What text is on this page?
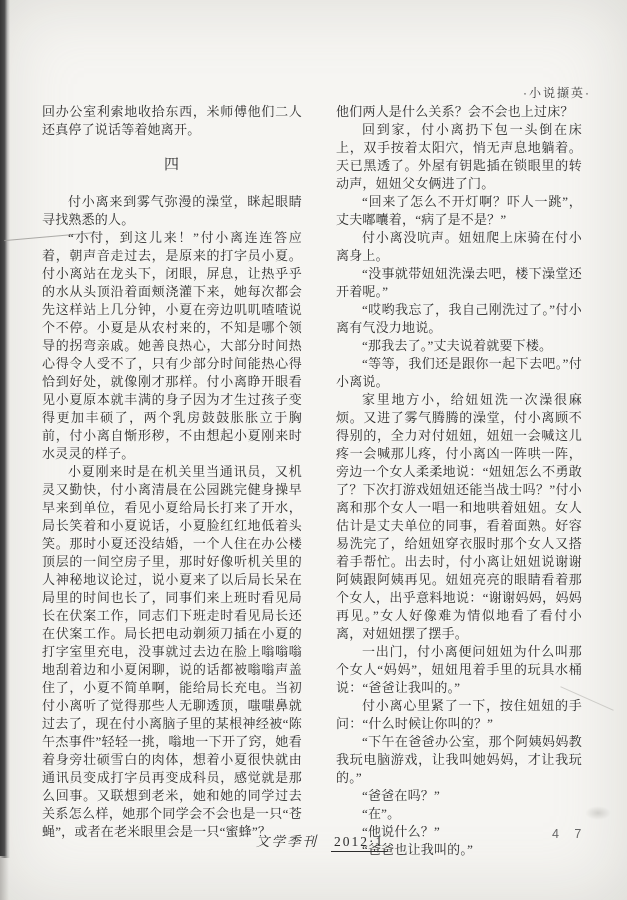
·小说撷英·

回办公室利索地收拾东西，米师傅他们二人还真停了说话等着她离开。

四

付小离来到雾气弥漫的澡堂，眯起眼睛寻找熟悉的人。

“小付，到这儿来！”付小离连连答应着，朝声音走过去，是原来的打字员小夏。付小离站在龙头下，闭眼，屏息，让热乎乎的水从头顶沿着面颊浇灌下来，她每次都会先这样站上几分钟，小夏在旁边叽叽喳喳说个不停。小夏是从农村来的，不知是哪个领导的拐弯亲戚。她善良热心，大部分时间热心得令人受不了，只有少部分时间能热心得恰到好处，就像刚才那样。付小离睁开眼看见小夏原本就丰满的身子因为才生过孩子变得更加丰硕了，两个乳房鼓鼓胀胀立于胸前，付小离自惭形秽，不由想起小夏刚来时水灵灵的样子。

小夏刚来时是在机关里当通讯员，又机灵又勤快，付小离清晨在公园跳完健身操早早来到单位，看见小夏给局长打来了开水，局长笑着和小夏说话，小夏脸红红地低着头笑。那时小夏还没结婚，一个人住在办公楼顶层的一间空房子里，那时好像听机关里的人神秘地议论过，说小夏来了以后局长呆在局里的时间也长了，同事们来上班时看见局长在伏案工作，同志们下班走时看见局长还在伏案工作。局长把电动剃须刀插在小夏的打字室里充电，没事就过去边在脸上嗡嗡嗡地刮着边和小夏闲聊，说的话都被嗡嗡声盖住了，小夏不简单啊，能给局长充电。当初付小离听了觉得那些人无聊透顶，嗤嗤鼻就过去了，现在付小离脑子里的某根神经被“陈午杰事件”轻轻一挑，嗡地一下开了窍，她看着身旁壮硕雪白的肉体，想着小夏很快就由通讯员变成打字员再变成科员，感觉就是那么回事。又联想到老米，她和她的同学过去关系怎么样，她那个同学会不会也是一只“苍蝇”，或者在老米眼里会是一只“蜜蜂”？

他们两人是什么关系？会不会也上过床？

回到家，付小离扔下包一头倒在床上，双手按着太阳穴，悄无声息地躺着。天已黑透了。外屋有钥匙插在锁眼里的转动声，妞妞父女俩进了门。

“回来了怎么不开灯啊？吓人一跳”，丈夫嘟囔着，“病了是不是？”

付小离没吭声。妞妞爬上床骑在付小离身上。

“没事就带妞妞洗澡去吧，楼下澡堂还开着呢。”

“哎哟我忘了，我自己刚洗过了。”付小离有气没力地说。

“那我去了。”丈夫说着就要下楼。

“等等，我们还是跟你一起下去吧。”付小离说。

家里地方小，给妞妞洗一次澡很麻烦。又进了雾气腾腾的澡堂，付小离顾不得别的，全力对付妞妞，妞妞一会喊这儿疼一会喊那儿疼，付小离凶一阵哄一阵，旁边一个女人柔柔地说：“妞妞怎么不勇敢了？下次打游戏妞妞还能当战士吗？”付小离和那个女人一唱一和地哄着妞妞。女人估计是丈夫单位的同事，看着面熟。好容易洗完了，给妞妞穿衣服时那个女人又搭着手帮忙。出去时，付小离让妞妞说谢谢阿姨跟阿姨再见。妞妞亮亮的眼睛看着那个女人，出乎意料地说：“谢谢妈妈，妈妈再见。”女人好像难为情似地看了看付小离，对妞妞摆了摆手。

一出门，付小离便问妞妞为什么叫那个女人“妈妈”，妞妞甩着手里的玩具水桶说：“爸爸让我叫的。”

付小离心里紧了一下，按住妞妞的手问：“什么时候让你叫的？”

“下午在爸爸办公室，那个阿姨妈妈教我玩电脑游戏，让我叫她妈妈，才让我玩的。”

“爸爸在吗？”

“在”。

“他说什么？”

“爸爸也让我叫的。”

文学季刊 2012·1	4 7
